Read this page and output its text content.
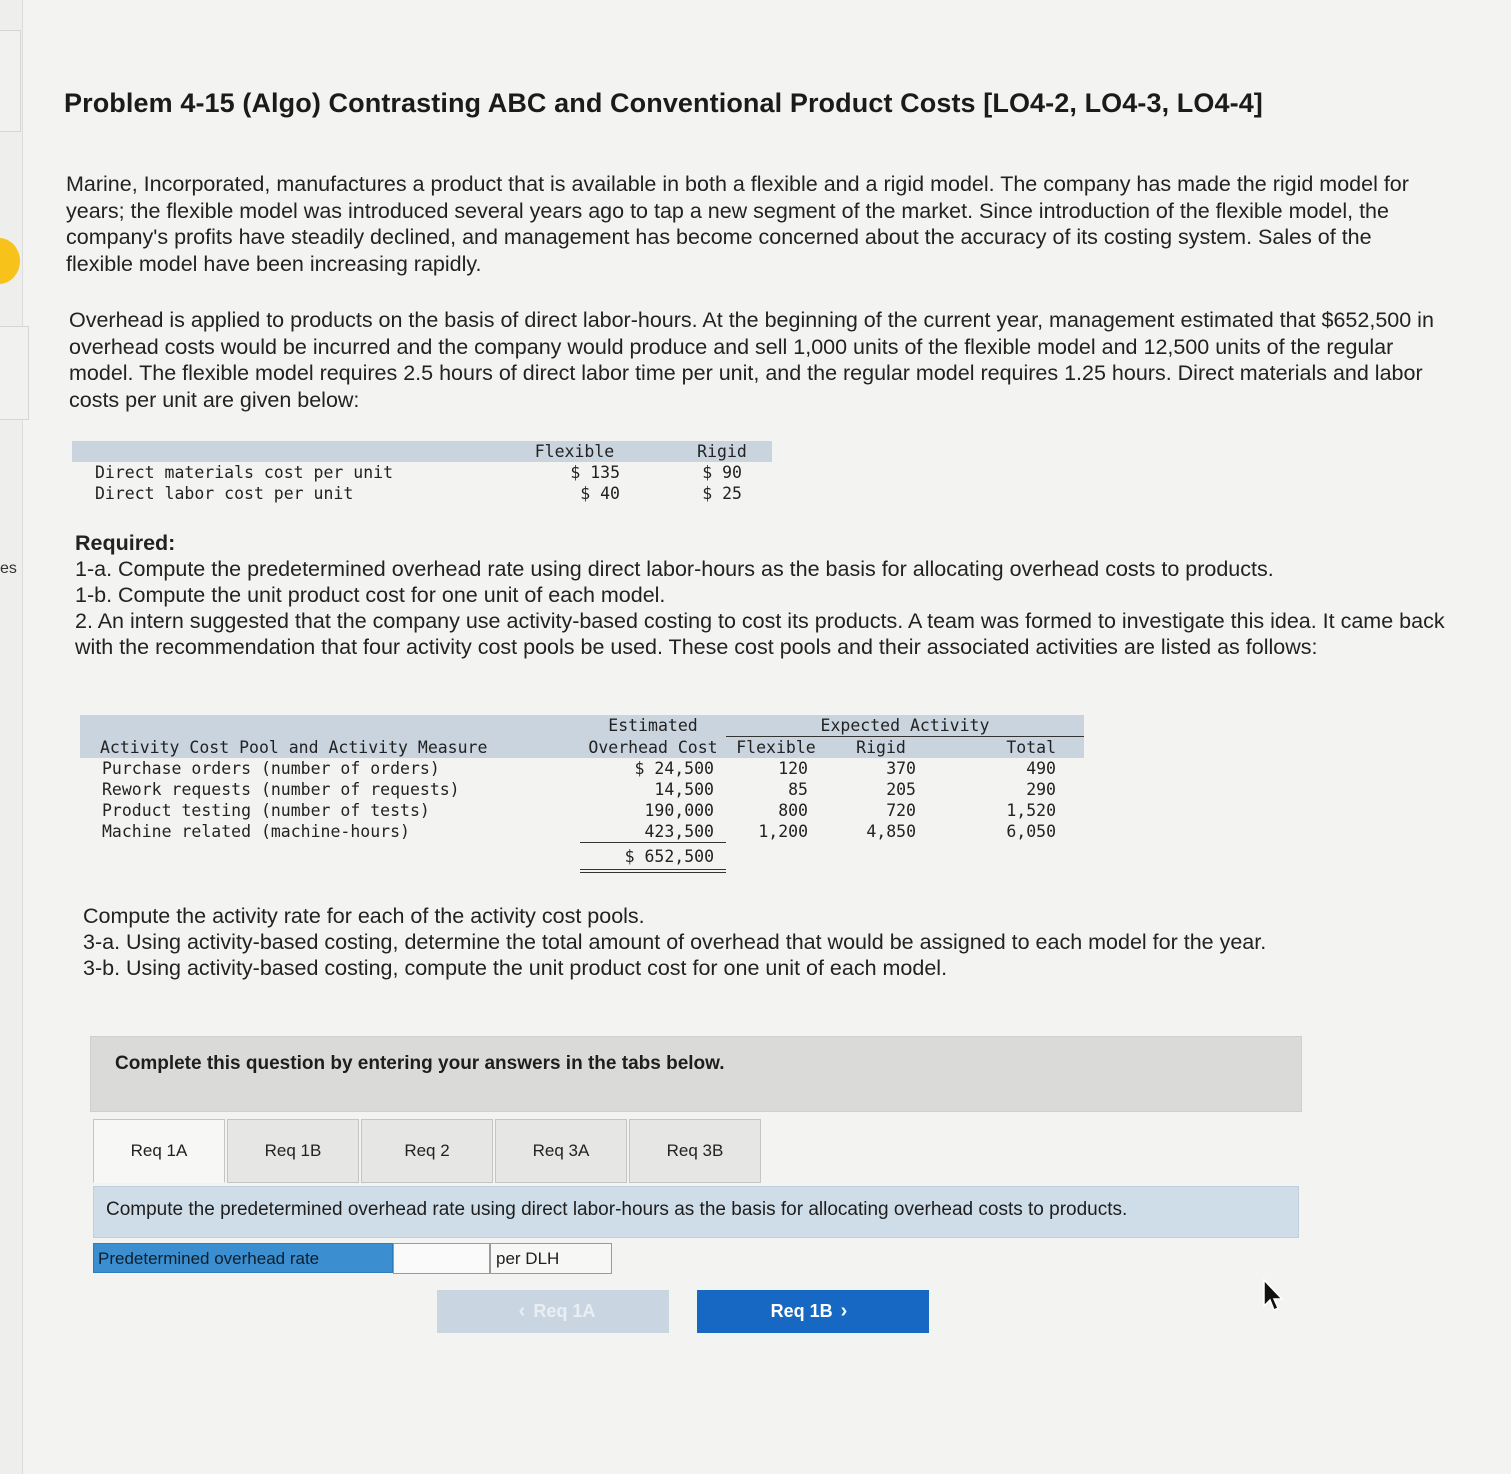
es
Problem 4-15 (Algo) Contrasting ABC and Conventional Product Costs [LO4-2, LO4-3, LO4-4]
Marine, Incorporated, manufactures a product that is available in both a flexible and a rigid model. The company has made the rigid model for years; the flexible model was introduced several years ago to tap a new segment of the market. Since introduction of the flexible model, the company's profits have steadily declined, and management has become concerned about the accuracy of its costing system. Sales of the flexible model have been increasing rapidly.
Overhead is applied to products on the basis of direct labor-hours. At the beginning of the current year, management estimated that $652,500 in overhead costs would be incurred and the company would produce and sell 1,000 units of the flexible model and 12,500 units of the regular model. The flexible model requires 2.5 hours of direct labor time per unit, and the regular model requires 1.25 hours. Direct materials and labor costs per unit are given below:
	Flexible		Rigid
Direct materials cost per unit	$ 135		$ 90
Direct labor cost per unit	$ 40		$ 25
Required:
1-a. Compute the predetermined overhead rate using direct labor-hours as the basis for allocating overhead costs to products.
1-b. Compute the unit product cost for one unit of each model.
2. An intern suggested that the company use activity-based costing to cost its products. A team was formed to investigate this idea. It came back with the recommendation that four activity cost pools be used. These cost pools and their associated activities are listed as follows:
	Estimated	Expected Activity		
Activity Cost Pool and Activity Measure	Overhead Cost	Flexible	Rigid	Total
Purchase orders (number of orders)	$ 24,500	120	370	490
Rework requests (number of requests)	14,500	85	205	290
Product testing (number of tests)	190,000	800	720	1,520
Machine related (machine-hours)	423,500	1,200	4,850	6,050
	$ 652,500			
Compute the activity rate for each of the activity cost pools.
3-a. Using activity-based costing, determine the total amount of overhead that would be assigned to each model for the year.
3-b. Using activity-based costing, compute the unit product cost for one unit of each model.
Complete this question by entering your answers in the tabs below.
Req 1A	Req 1B	Req 2	Req 3A	Req 3B
Compute the predetermined overhead rate using direct labor-hours as the basis for allocating overhead costs to products.
Predetermined overhead rate	per DLH
‹ Req 1A	Req 1B ›
